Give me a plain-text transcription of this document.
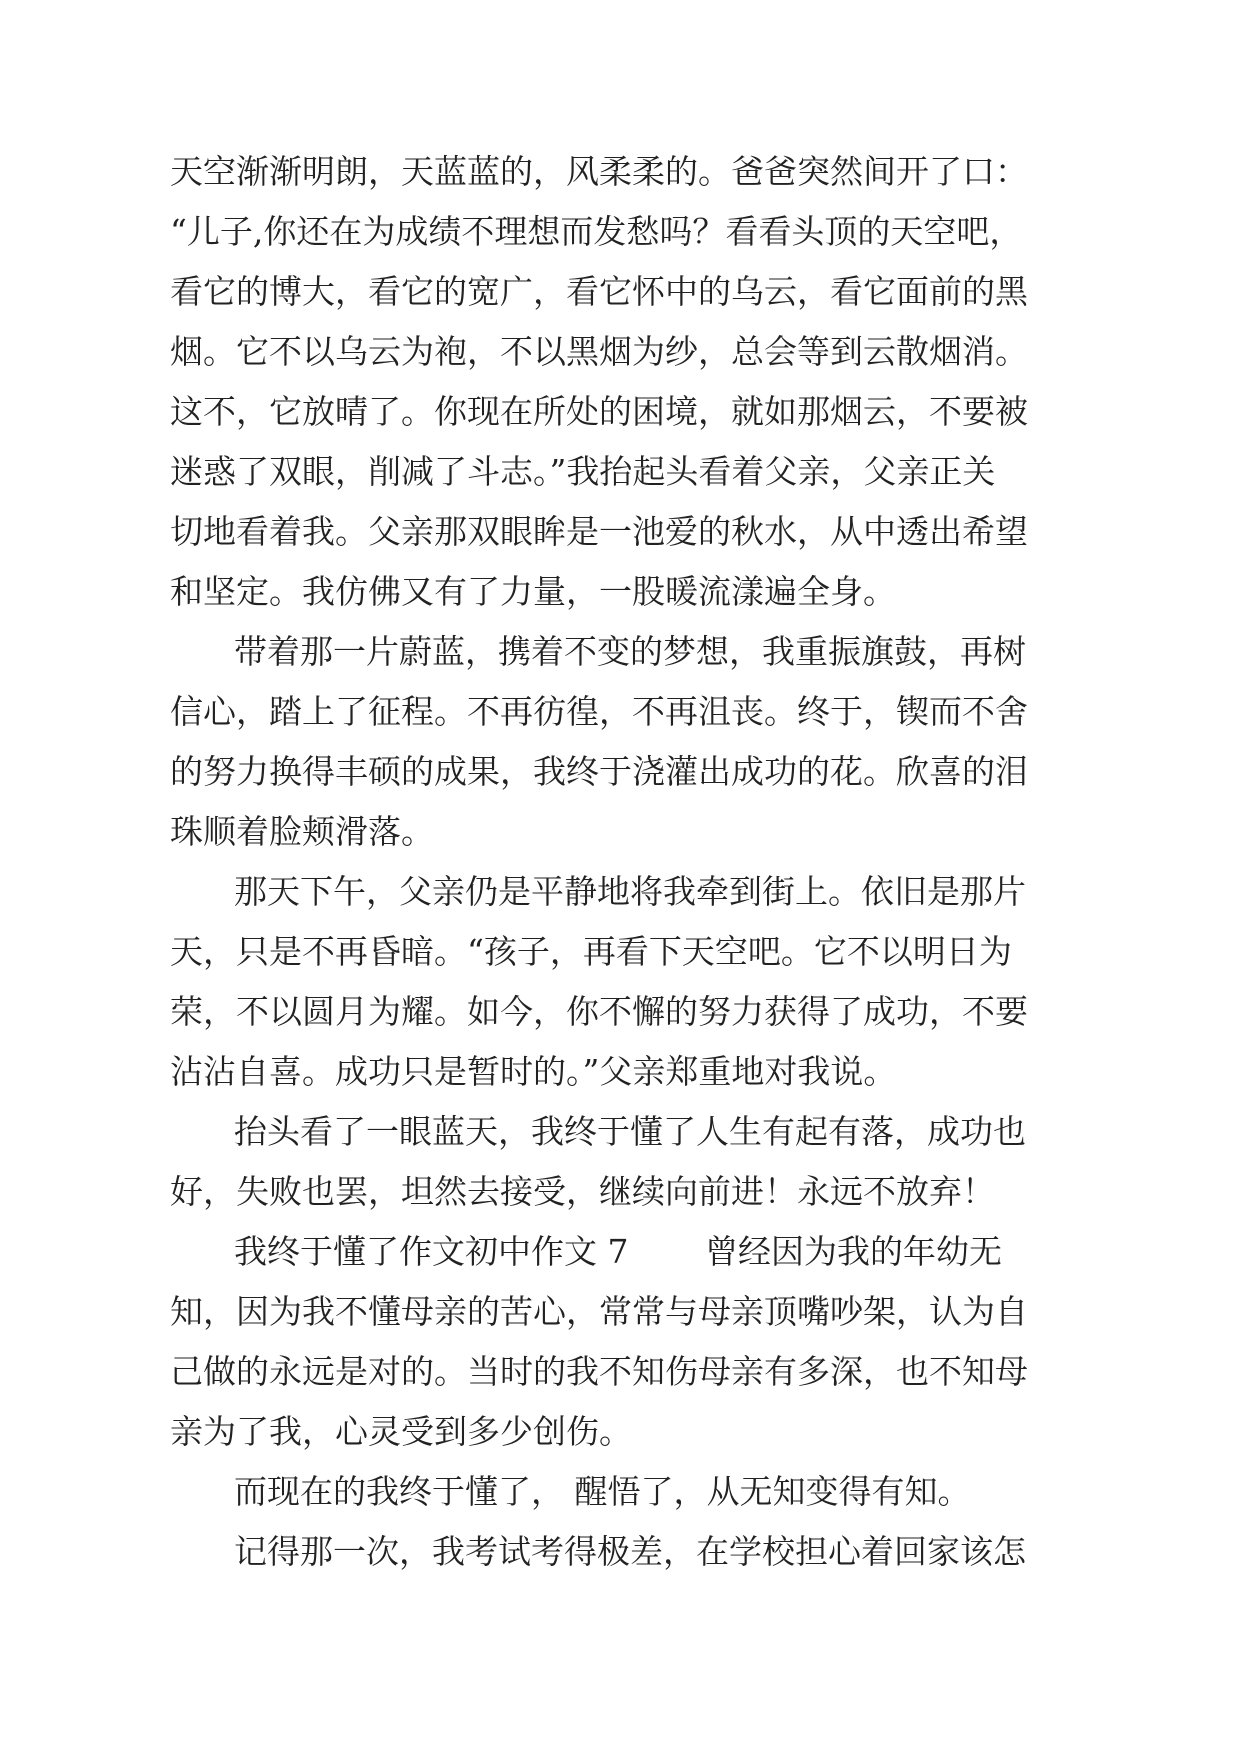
天空渐渐明朗，天蓝蓝的，风柔柔的。爸爸突然间开了口：
“儿子,你还在为成绩不理想而发愁吗？看看头顶的天空吧，
看它的博大，看它的宽广，看它怀中的乌云，看它面前的黑
烟。它不以乌云为袍，不以黑烟为纱，总会等到云散烟消。
这不，它放晴了。你现在所处的困境，就如那烟云，不要被
迷惑了双眼，削减了斗志。”我抬起头看着父亲，父亲正关
切地看着我。父亲那双眼眸是一池爱的秋水，从中透出希望
和坚定。我仿佛又有了力量，一股暖流漾遍全身。
带着那一片蔚蓝，携着不变的梦想，我重振旗鼓，再树
信心，踏上了征程。不再彷徨，不再沮丧。终于，锲而不舍
的努力换得丰硕的成果，我终于浇灌出成功的花。欣喜的泪
珠顺着脸颊滑落。
那天下午，父亲仍是平静地将我牵到街上。依旧是那片
天，只是不再昏暗。“孩子，再看下天空吧。它不以明日为
荣，不以圆月为耀。如今，你不懈的努力获得了成功，不要
沾沾自喜。成功只是暂时的。”父亲郑重地对我说。
抬头看了一眼蓝天，我终于懂了人生有起有落，成功也
好，失败也罢，坦然去接受，继续向前进！永远不放弃！
我终于懂了作文初中作文 7 　　曾经因为我的年幼无
知，因为我不懂母亲的苦心，常常与母亲顶嘴吵架，认为自
己做的永远是对的。当时的我不知伤母亲有多深，也不知母
亲为了我，心灵受到多少创伤。
而现在的我终于懂了， 醒悟了，从无知变得有知。
记得那一次，我考试考得极差，在学校担心着回家该怎
